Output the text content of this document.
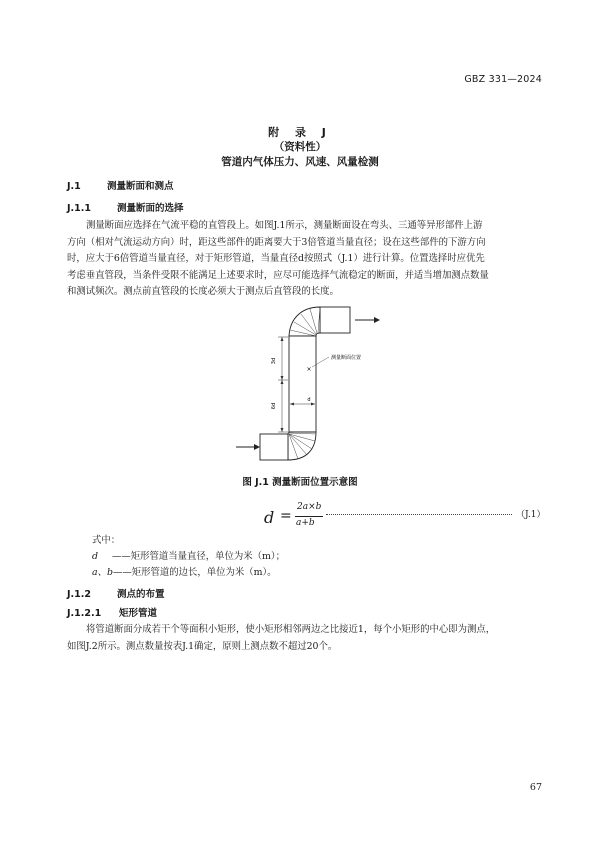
GBZ 331—2024
附 录 J
（资料性）
管道内气体压力、风速、风量检测
J.1	测量断面和测点
J.1.1	测量断面的选择
测量断面应选择在气流平稳的直管段上。如图J.1所示，测量断面设在弯头、三通等异形部件上游
方向（相对气流运动方向）时，距这些部件的距离要大于3倍管道当量直径；设在这些部件的下游方向
时，应大于6倍管道当量直径，对于矩形管道，当量直径d按照式（J.1）进行计算。位置选择时应优先
考虑垂直管段，当条件受限不能满足上述要求时，应尽可能选择气流稳定的断面，并适当增加测点数量
和测试频次。测点前直管段的长度必须大于测点后直管段的长度。
3d
6d
d
×
测量断面位置
图 J.1 测量断面位置示意图
d =
2a×b
a+b
（J.1）
式中：
d ——矩形管道当量直径，单位为米（m）；
a、b——矩形管道的边长，单位为米（m）。
J.1.2	测点的布置
J.1.2.1 矩形管道
将管道断面分成若干个等面积小矩形，使小矩形相邻两边之比接近1，每个小矩形的中心即为测点，
如图J.2所示。测点数量按表J.1确定，原则上测点数不超过20个。
67
